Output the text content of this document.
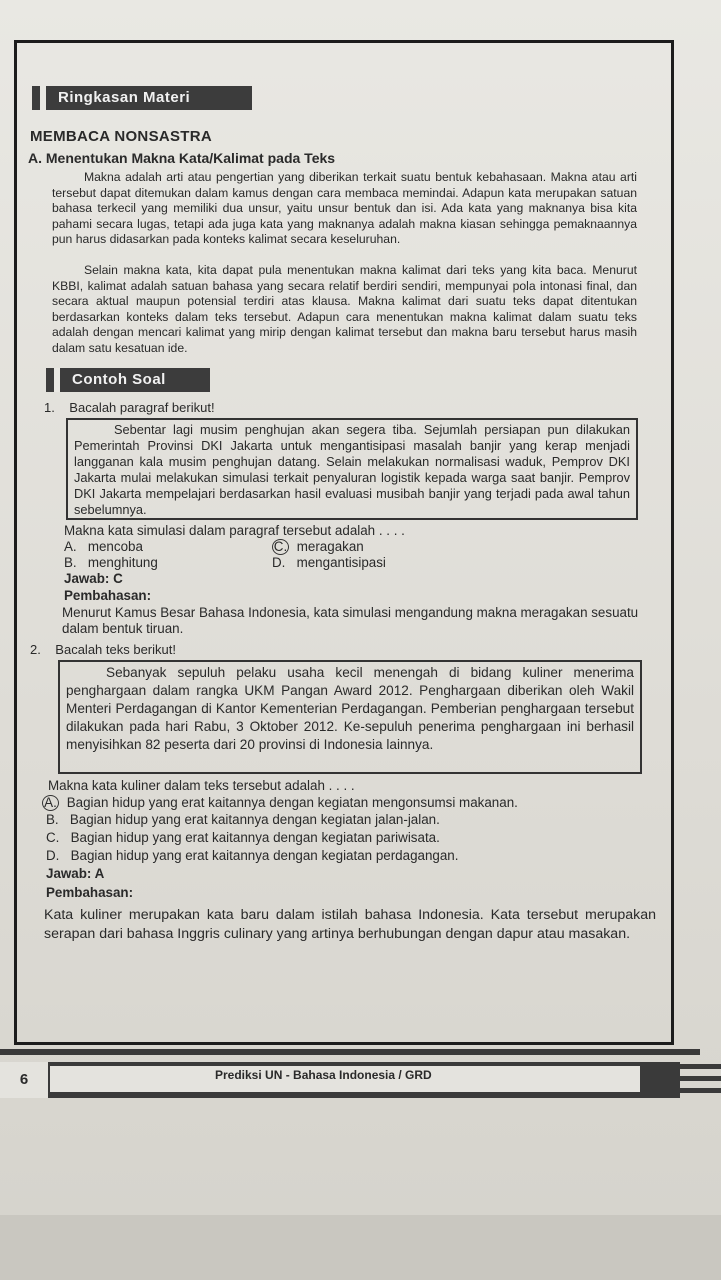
Ringkasan Materi
MEMBACA NONSASTRA
A. Menentukan Makna Kata/Kalimat pada Teks

Makna adalah arti atau pengertian yang diberikan terkait suatu bentuk kebahasaan. Makna atau arti tersebut dapat ditemukan dalam kamus dengan cara membaca memindai. Adapun kata merupakan satuan bahasa terkecil yang memiliki dua unsur, yaitu unsur bentuk dan isi. Ada kata yang maknanya bisa kita pahami secara lugas, tetapi ada juga kata yang maknanya adalah makna kiasan sehingga pemaknaannya pun harus didasarkan pada konteks kalimat secara keseluruhan.

Selain makna kata, kita dapat pula menentukan makna kalimat dari teks yang kita baca. Menurut KBBI, kalimat adalah satuan bahasa yang secara relatif berdiri sendiri, mempunyai pola intonasi final, dan secara aktual maupun potensial terdiri atas klausa. Makna kalimat dari suatu teks dapat ditentukan berdasarkan konteks dalam teks tersebut. Adapun cara menentukan makna kalimat dalam suatu teks adalah dengan mencari kalimat yang mirip dengan kalimat tersebut dan makna baru tersebut harus masih dalam satu kesatuan ide.

Contoh Soal
1. Bacalah paragraf berikut!
Sebentar lagi musim penghujan akan segera tiba. Sejumlah persiapan pun dilakukan Pemerintah Provinsi DKI Jakarta untuk mengantisipasi masalah banjir yang kerap menjadi langganan kala musim penghujan datang. Selain melakukan normalisasi waduk, Pemprov DKI Jakarta mulai melakukan simulasi terkait penyaluran logistik kepada warga saat banjir. Pemprov DKI Jakarta mempelajari berdasarkan hasil evaluasi musibah banjir yang terjadi pada awal tahun sebelumnya.
Makna kata simulasi dalam paragraf tersebut adalah . . . .
A. mencoba
B. menghitung
C. meragakan
D. mengantisipasi
Jawab: C
Pembahasan:
Menurut Kamus Besar Bahasa Indonesia, kata simulasi mengandung makna meragakan sesuatu dalam bentuk tiruan.
2. Bacalah teks berikut!
Sebanyak sepuluh pelaku usaha kecil menengah di bidang kuliner menerima penghargaan dalam rangka UKM Pangan Award 2012. Penghargaan diberikan oleh Wakil Menteri Perdagangan di Kantor Kementerian Perdagangan. Pemberian penghargaan tersebut dilakukan pada hari Rabu, 3 Oktober 2012. Ke-sepuluh penerima penghargaan ini berhasil menyisihkan 82 peserta dari 20 provinsi di Indonesia lainnya.
Makna kata kuliner dalam teks tersebut adalah . . . .
A. Bagian hidup yang erat kaitannya dengan kegiatan mengonsumsi makanan.
B. Bagian hidup yang erat kaitannya dengan kegiatan jalan-jalan.
C. Bagian hidup yang erat kaitannya dengan kegiatan pariwisata.
D. Bagian hidup yang erat kaitannya dengan kegiatan perdagangan.
Jawab: A
Pembahasan:
Kata kuliner merupakan kata baru dalam istilah bahasa Indonesia. Kata tersebut merupakan serapan dari bahasa Inggris culinary yang artinya berhubungan dengan dapur atau masakan.
6	Prediksi UN - Bahasa Indonesia / GRD
